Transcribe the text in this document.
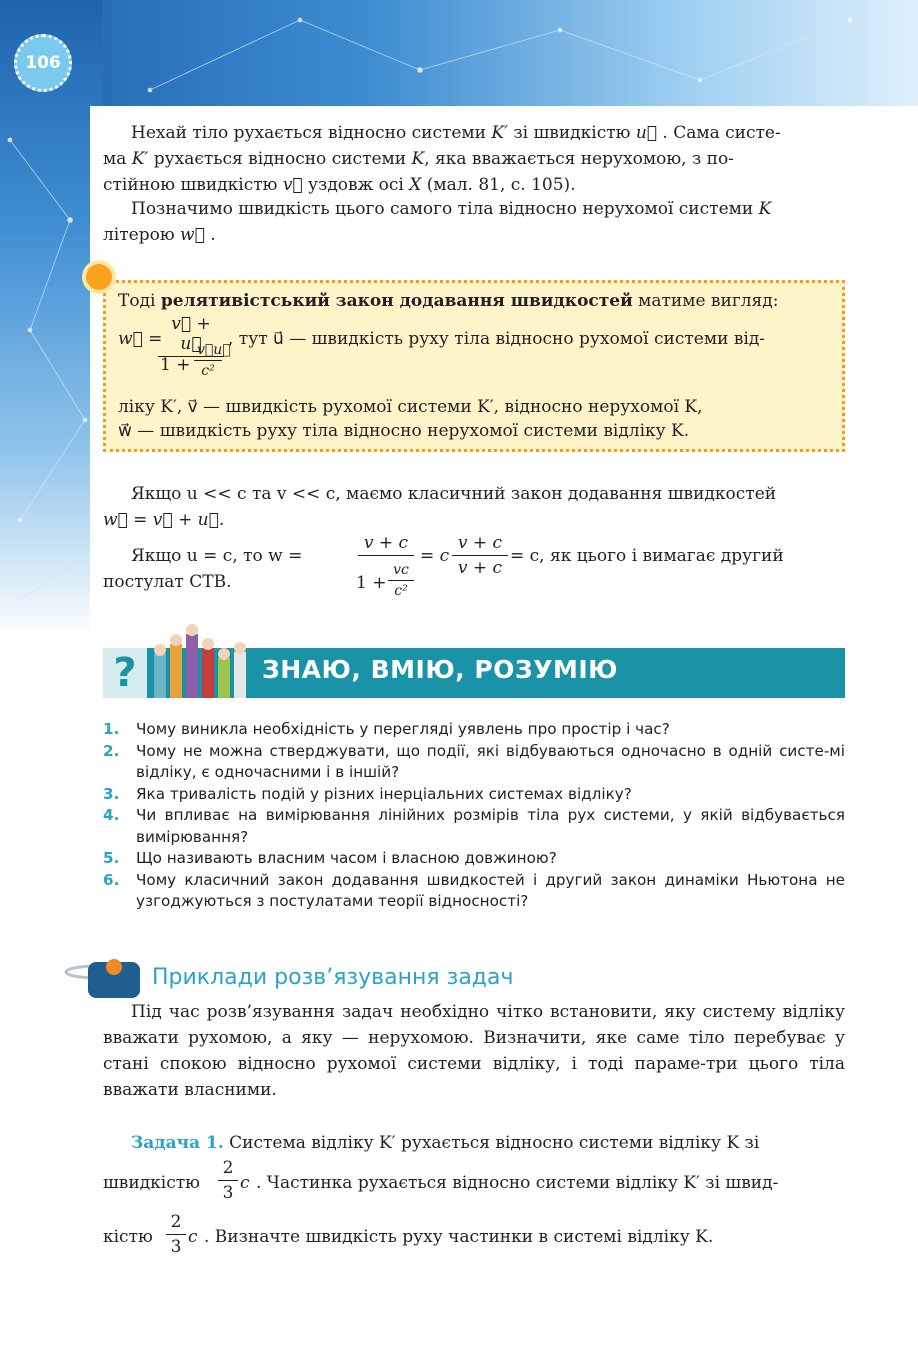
106

Нехай тіло рухається відносно системи K′ зі швидкістю u⃗ . Сама систе-

ма K′ рухається відносно системи K, яка вважається нерухомою, з по-

стійною швидкістю v⃗ уздовж осі X (мал. 81, с. 105).

Позначимо швидкість цього самого тіла відносно нерухомої системи K

літерою w⃗ .

Тоді релятивістський закон додавання швидкостей матиме вигляд:

w⃗ =
v⃗ + u⃗
$1 + \frac{v⃗u⃗}{\text{c²}}$
, тут u⃗ — швидкість руху тіла відносно рухомої системи від-

ліку K′, v⃗ — швидкість рухомої системи K′, відносно нерухомої K,

w⃗ — швидкість руху тіла відносно нерухомої системи відліку K.

Якщо u << c та v << c, маємо класичний закон додавання швидкостей

w⃗ = v⃗ + u⃗.

Якщо u = c, то w =
v + c
$1 + \frac{vc}{\text{c²}}$
= c $\frac{v + c}{v + c} = c$, як цього і вимагає другий
постулат СТВ.
?	ЗНАЮ, ВМІЮ, РОЗУМІЮ
1. Чому виникла необхідність у перегляді уявлень про простір і час?
2. Чому не можна стверджувати, що події, які відбуваються одночасно в одній систе-мі відліку, є одночасними і в іншій?
3. Яка тривалість подій у різних інерціальних системах відліку?
4. Чи впливає на вимірювання лінійних розмірів тіла рух системи, у якій відбувається вимірювання?
5. Що називають власним часом і власною довжиною?
6. Чому класичний закон додавання швидкостей і другий закон динаміки Ньютона не узгоджуються з постулатами теорії відносності?
Приклади розв’язування задач

Під час розв’язування задач необхідно чітко встановити, яку систему відліку вважати рухомою, а яку — нерухомою. Визначити, яке саме тіло перебуває у стані спокою відносно рухомої системи відліку, і тоді параме-три цього тіла вважати власними.

Задача 1. Система відліку K′ рухається відносно системи відліку K зі

швидкістю $\frac{2}{3}$ c . Частинка рухається відносно системи відліку K′ зі швид-
кістю $\frac{2}{3}$ c . Визначте швидкість руху частинки в системі відліку K.
